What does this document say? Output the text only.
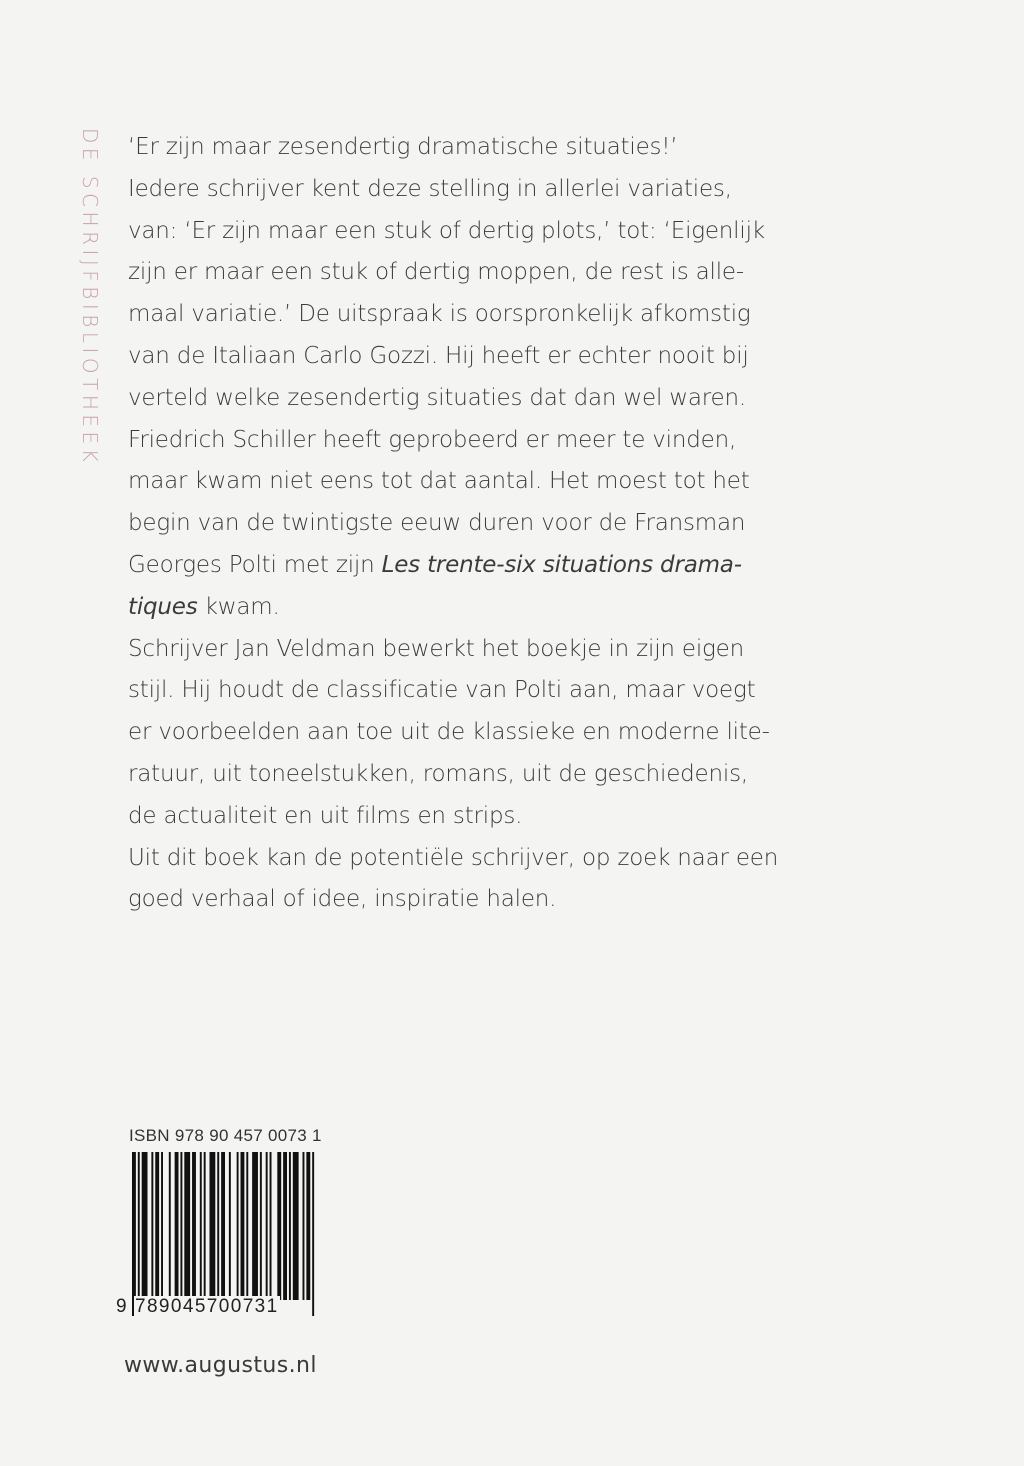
DE SCHRIJFBIBLIOTHEEK ‘Er zijn maar zesendertig dramatische situaties!’
Iedere schrijver kent deze stelling in allerlei variaties,
van: ‘Er zijn maar een stuk of dertig plots,’ tot: ‘Eigenlijk
zijn er maar een stuk of dertig moppen, de rest is alle-
maal variatie.’ De uitspraak is oorspronkelijk afkomstig
van de Italiaan Carlo Gozzi. Hij heeft er echter nooit bij
verteld welke zesendertig situaties dat dan wel waren.
Friedrich Schiller heeft geprobeerd er meer te vinden,
maar kwam niet eens tot dat aantal. Het moest tot het
begin van de twintigste eeuw duren voor de Fransman
Georges Polti met zijn Les trente-six situations drama-
tiques kwam.
Schrijver Jan Veldman bewerkt het boekje in zijn eigen
stijl. Hij houdt de classificatie van Polti aan, maar voegt
er voorbeelden aan toe uit de klassieke en moderne lite-
ratuur, uit toneelstukken, romans, uit de geschiedenis,
de actualiteit en uit films en strips.
Uit dit boek kan de potentiële schrijver, op zoek naar een
goed verhaal of idee, inspiratie halen.
ISBN 978 90 457 0073 1
9 789045700731
www.augustus.nl
